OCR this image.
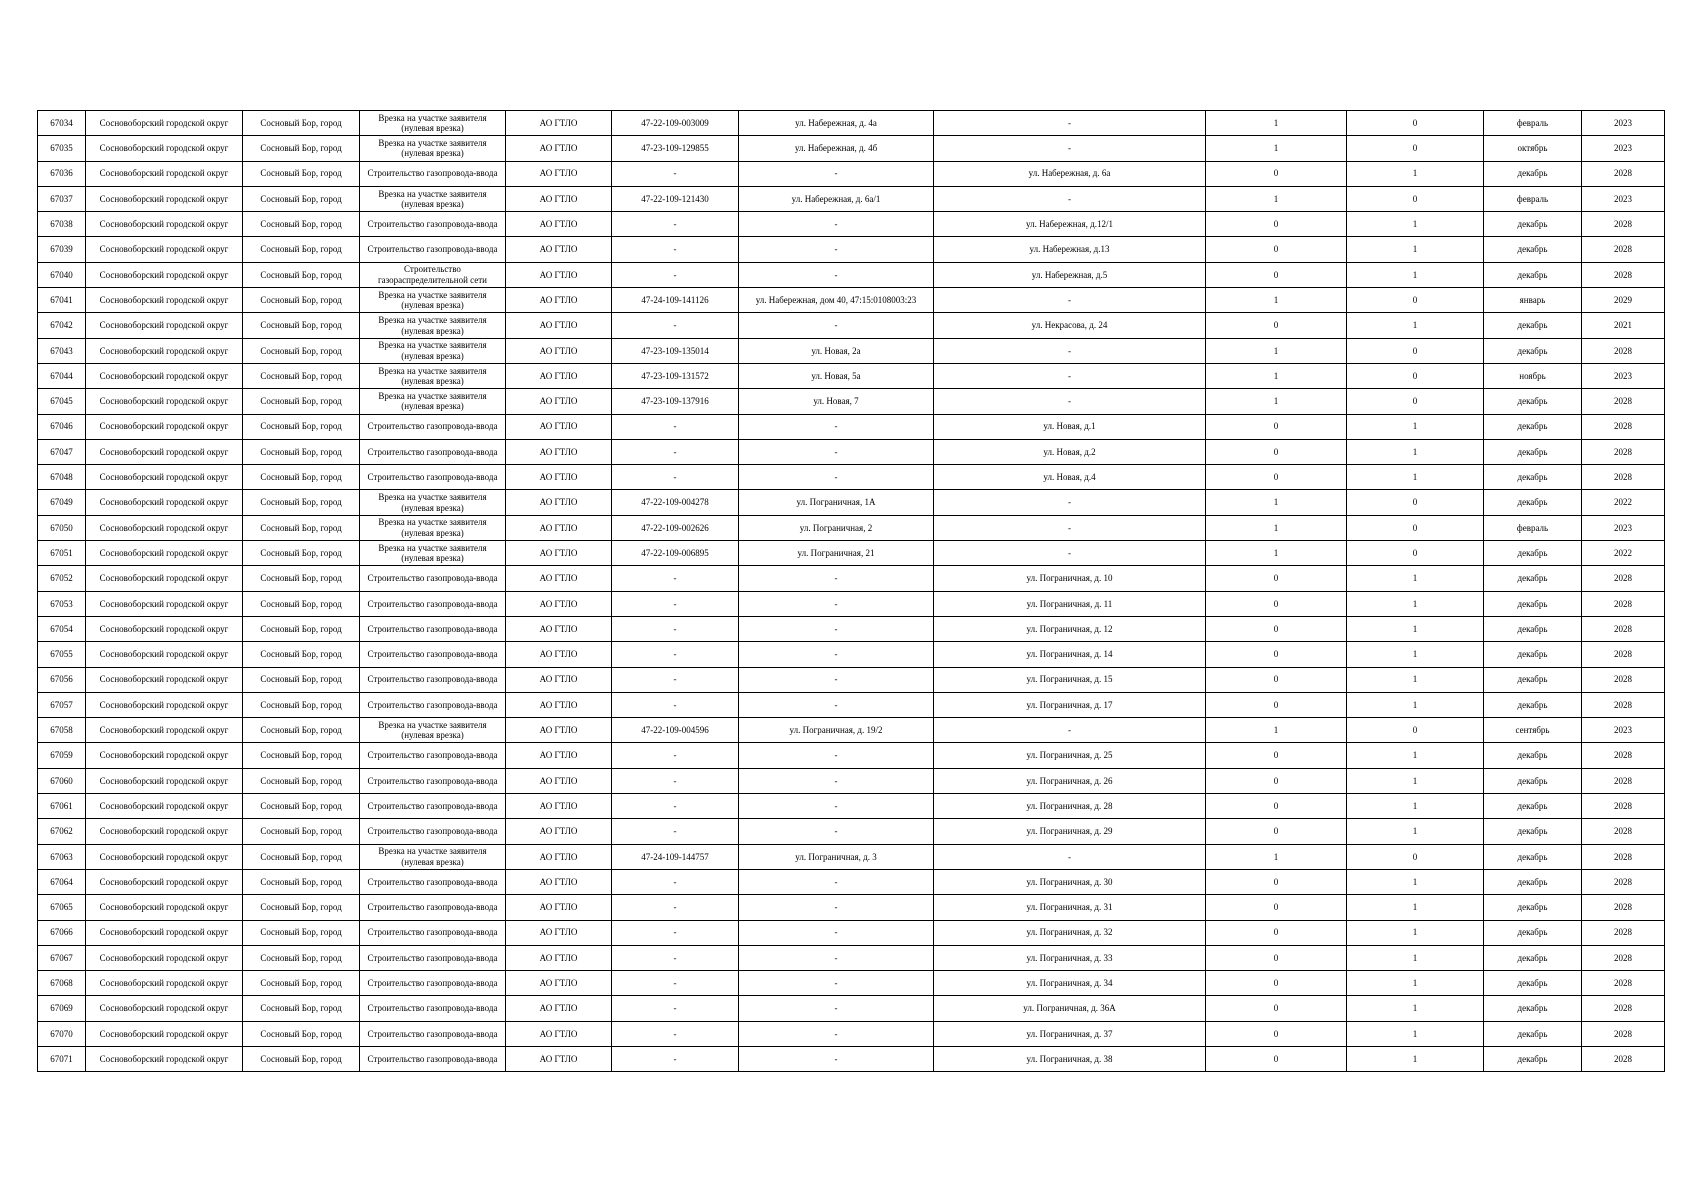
67034	Сосновоборский городской округ	Сосновый Бор, город	Врезка на участке заявителя (нулевая врезка)	АО ГТЛО	47-22-109-003009	ул. Набережная, д. 4а	-	1	0	февраль	2023
67035	Сосновоборский городской округ	Сосновый Бор, город	Врезка на участке заявителя (нулевая врезка)	АО ГТЛО	47-23-109-129855	ул. Набережная, д. 4б	-	1	0	октябрь	2023
67036	Сосновоборский городской округ	Сосновый Бор, город	Строительство газопровода-ввода	АО ГТЛО	-	-	ул. Набережная, д. 6а	0	1	декабрь	2028
67037	Сосновоборский городской округ	Сосновый Бор, город	Врезка на участке заявителя (нулевая врезка)	АО ГТЛО	47-22-109-121430	ул. Набережная, д. 6а/1	-	1	0	февраль	2023
67038	Сосновоборский городской округ	Сосновый Бор, город	Строительство газопровода-ввода	АО ГТЛО	-	-	ул. Набережная, д.12/1	0	1	декабрь	2028
67039	Сосновоборский городской округ	Сосновый Бор, город	Строительство газопровода-ввода	АО ГТЛО	-	-	ул. Набережная, д.13	0	1	декабрь	2028
67040	Сосновоборский городской округ	Сосновый Бор, город	Строительство газораспределительной сети	АО ГТЛО	-	-	ул. Набережная, д.5	0	1	декабрь	2028
67041	Сосновоборский городской округ	Сосновый Бор, город	Врезка на участке заявителя (нулевая врезка)	АО ГТЛО	47-24-109-141126	ул. Набережная, дом 40, 47:15:0108003:23	-	1	0	январь	2029
67042	Сосновоборский городской округ	Сосновый Бор, город	Врезка на участке заявителя (нулевая врезка)	АО ГТЛО	-	-	ул. Некрасова, д. 24	0	1	декабрь	2021
67043	Сосновоборский городской округ	Сосновый Бор, город	Врезка на участке заявителя (нулевая врезка)	АО ГТЛО	47-23-109-135014	ул. Новая, 2а	-	1	0	декабрь	2028
67044	Сосновоборский городской округ	Сосновый Бор, город	Врезка на участке заявителя (нулевая врезка)	АО ГТЛО	47-23-109-131572	ул. Новая, 5а	-	1	0	ноябрь	2023
67045	Сосновоборский городской округ	Сосновый Бор, город	Врезка на участке заявителя (нулевая врезка)	АО ГТЛО	47-23-109-137916	ул. Новая, 7	-	1	0	декабрь	2028
67046	Сосновоборский городской округ	Сосновый Бор, город	Строительство газопровода-ввода	АО ГТЛО	-	-	ул. Новая, д.1	0	1	декабрь	2028
67047	Сосновоборский городской округ	Сосновый Бор, город	Строительство газопровода-ввода	АО ГТЛО	-	-	ул. Новая, д.2	0	1	декабрь	2028
67048	Сосновоборский городской округ	Сосновый Бор, город	Строительство газопровода-ввода	АО ГТЛО	-	-	ул. Новая, д.4	0	1	декабрь	2028
67049	Сосновоборский городской округ	Сосновый Бор, город	Врезка на участке заявителя (нулевая врезка)	АО ГТЛО	47-22-109-004278	ул. Пограничная, 1А	-	1	0	декабрь	2022
67050	Сосновоборский городской округ	Сосновый Бор, город	Врезка на участке заявителя (нулевая врезка)	АО ГТЛО	47-22-109-002626	ул. Пограничная, 2	-	1	0	февраль	2023
67051	Сосновоборский городской округ	Сосновый Бор, город	Врезка на участке заявителя (нулевая врезка)	АО ГТЛО	47-22-109-006895	ул. Пограничная, 21	-	1	0	декабрь	2022
67052	Сосновоборский городской округ	Сосновый Бор, город	Строительство газопровода-ввода	АО ГТЛО	-	-	ул. Пограничная, д. 10	0	1	декабрь	2028
67053	Сосновоборский городской округ	Сосновый Бор, город	Строительство газопровода-ввода	АО ГТЛО	-	-	ул. Пограничная, д. 11	0	1	декабрь	2028
67054	Сосновоборский городской округ	Сосновый Бор, город	Строительство газопровода-ввода	АО ГТЛО	-	-	ул. Пограничная, д. 12	0	1	декабрь	2028
67055	Сосновоборский городской округ	Сосновый Бор, город	Строительство газопровода-ввода	АО ГТЛО	-	-	ул. Пограничная, д. 14	0	1	декабрь	2028
67056	Сосновоборский городской округ	Сосновый Бор, город	Строительство газопровода-ввода	АО ГТЛО	-	-	ул. Пограничная, д. 15	0	1	декабрь	2028
67057	Сосновоборский городской округ	Сосновый Бор, город	Строительство газопровода-ввода	АО ГТЛО	-	-	ул. Пограничная, д. 17	0	1	декабрь	2028
67058	Сосновоборский городской округ	Сосновый Бор, город	Врезка на участке заявителя (нулевая врезка)	АО ГТЛО	47-22-109-004596	ул. Пограничная, д. 19/2	-	1	0	сентябрь	2023
67059	Сосновоборский городской округ	Сосновый Бор, город	Строительство газопровода-ввода	АО ГТЛО	-	-	ул. Пограничная, д. 25	0	1	декабрь	2028
67060	Сосновоборский городской округ	Сосновый Бор, город	Строительство газопровода-ввода	АО ГТЛО	-	-	ул. Пограничная, д. 26	0	1	декабрь	2028
67061	Сосновоборский городской округ	Сосновый Бор, город	Строительство газопровода-ввода	АО ГТЛО	-	-	ул. Пограничная, д. 28	0	1	декабрь	2028
67062	Сосновоборский городской округ	Сосновый Бор, город	Строительство газопровода-ввода	АО ГТЛО	-	-	ул. Пограничная, д. 29	0	1	декабрь	2028
67063	Сосновоборский городской округ	Сосновый Бор, город	Врезка на участке заявителя (нулевая врезка)	АО ГТЛО	47-24-109-144757	ул. Пограничная, д. 3	-	1	0	декабрь	2028
67064	Сосновоборский городской округ	Сосновый Бор, город	Строительство газопровода-ввода	АО ГТЛО	-	-	ул. Пограничная, д. 30	0	1	декабрь	2028
67065	Сосновоборский городской округ	Сосновый Бор, город	Строительство газопровода-ввода	АО ГТЛО	-	-	ул. Пограничная, д. 31	0	1	декабрь	2028
67066	Сосновоборский городской округ	Сосновый Бор, город	Строительство газопровода-ввода	АО ГТЛО	-	-	ул. Пограничная, д. 32	0	1	декабрь	2028
67067	Сосновоборский городской округ	Сосновый Бор, город	Строительство газопровода-ввода	АО ГТЛО	-	-	ул. Пограничная, д. 33	0	1	декабрь	2028
67068	Сосновоборский городской округ	Сосновый Бор, город	Строительство газопровода-ввода	АО ГТЛО	-	-	ул. Пограничная, д. 34	0	1	декабрь	2028
67069	Сосновоборский городской округ	Сосновый Бор, город	Строительство газопровода-ввода	АО ГТЛО	-	-	ул. Пограничная, д. 36А	0	1	декабрь	2028
67070	Сосновоборский городской округ	Сосновый Бор, город	Строительство газопровода-ввода	АО ГТЛО	-	-	ул. Пограничная, д. 37	0	1	декабрь	2028
67071	Сосновоборский городской округ	Сосновый Бор, город	Строительство газопровода-ввода	АО ГТЛО	-	-	ул. Пограничная, д. 38	0	1	декабрь	2028
